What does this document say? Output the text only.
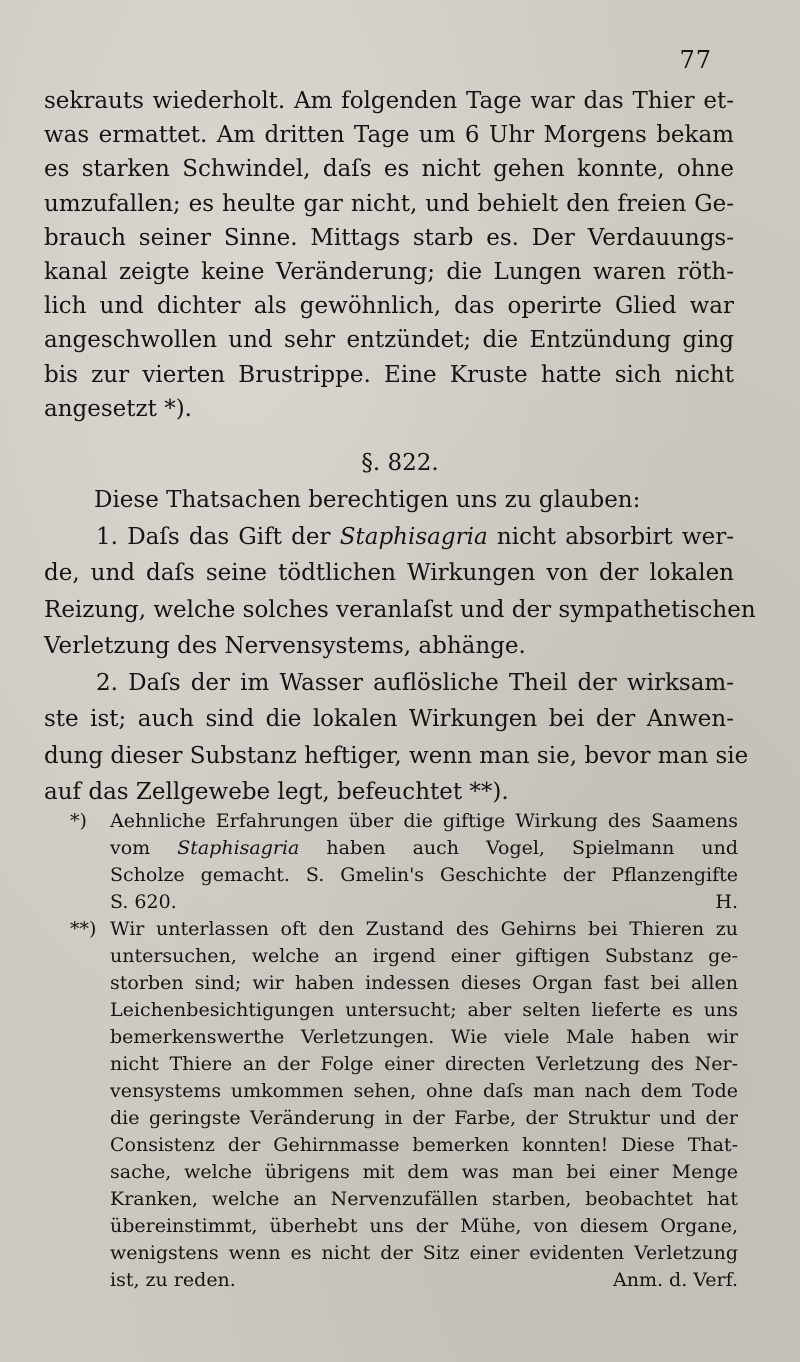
77
sekrauts wiederholt. Am folgenden Tage war das Thier et-
was ermattet. Am dritten Tage um 6 Uhr Morgens bekam
es starken Schwindel, daſs es nicht gehen konnte, ohne
umzufallen; es heulte gar nicht, und behielt den freien Ge-
brauch seiner Sinne. Mittags starb es. Der Verdauungs-
kanal zeigte keine Veränderung; die Lungen waren röth-
lich und dichter als gewöhnlich, das operirte Glied war
angeschwollen und sehr entzündet; die Entzündung ging
bis zur vierten Brustrippe. Eine Kruste hatte sich nicht
angesetzt *).
§. 822.
Diese Thatsachen berechtigen uns zu glauben:
1. Daſs das Gift der Staphisagria nicht absorbirt wer-
de, und daſs seine tödtlichen Wirkungen von der lokalen
Reizung, welche solches veranlaſst und der sympathetischen
Verletzung des Nervensystems, abhänge.
2. Daſs der im Wasser auflösliche Theil der wirksam-
ste ist; auch sind die lokalen Wirkungen bei der Anwen-
dung dieser Substanz heftiger, wenn man sie, bevor man sie
auf das Zellgewebe legt, befeuchtet **).
*) Aehnliche Erfahrungen über die giftige Wirkung des Saamens
vom Staphisagria haben auch Vogel, Spielmann und
Scholze gemacht. S. Gmelin's Geschichte der Pflanzengifte
S. 620.	H.
**) Wir unterlassen oft den Zustand des Gehirns bei Thieren zu
untersuchen, welche an irgend einer giftigen Substanz ge-
storben sind; wir haben indessen dieses Organ fast bei allen
Leichenbesichtigungen untersucht; aber selten lieferte es uns
bemerkenswerthe Verletzungen. Wie viele Male haben wir
nicht Thiere an der Folge einer directen Verletzung des Ner-
vensystems umkommen sehen, ohne daſs man nach dem Tode
die geringste Veränderung in der Farbe, der Struktur und der
Consistenz der Gehirnmasse bemerken konnten! Diese That-
sache, welche übrigens mit dem was man bei einer Menge
Kranken, welche an Nervenzufällen starben, beobachtet hat
übereinstimmt, überhebt uns der Mühe, von diesem Organe,
wenigstens wenn es nicht der Sitz einer evidenten Verletzung
ist, zu reden.	Anm. d. Verf.
